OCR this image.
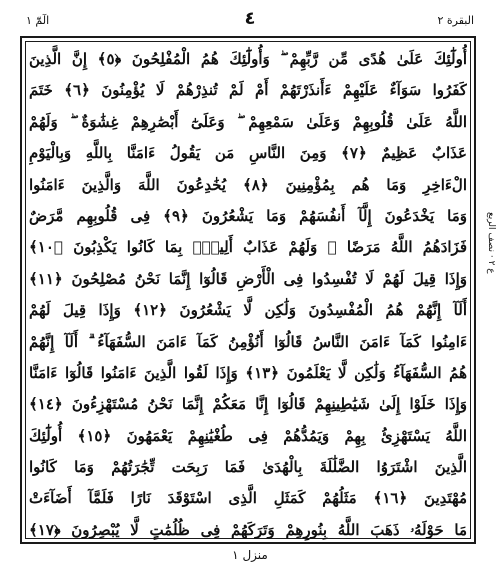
الٓمّٓ ۱	٤	البقرة ۲
أُولَٰٓئِكَ عَلَىٰ هُدًى مِّن رَّبِّهِمْ ۖ وَأُولَٰٓئِكَ هُمُ الْمُفْلِحُونَ ﴿٥﴾ إِنَّ الَّذِينَ
كَفَرُوا سَوَآءٌ عَلَيْهِمْ ءَأَنذَرْتَهُمْ أَمْ لَمْ تُنذِرْهُمْ لَا يُؤْمِنُونَ ﴿٦﴾ خَتَمَ
اللَّهُ عَلَىٰ قُلُوبِهِمْ وَعَلَىٰ سَمْعِهِمْ ۖ وَعَلَىٰٓ أَبْصَٰرِهِمْ غِشَٰوَةٌ ۖ وَلَهُمْ
عَذَابٌ عَظِيمٌ ﴿٧﴾ وَمِنَ النَّاسِ مَن يَقُولُ ءَامَنَّا بِاللَّهِ وَبِالْيَوْمِ
الْءَاخِرِ وَمَا هُم بِمُؤْمِنِينَ ﴿٨﴾ يُخَٰدِعُونَ اللَّهَ وَالَّذِينَ ءَامَنُوا
وَمَا يَخْدَعُونَ إِلَّآ أَنفُسَهُمْ وَمَا يَشْعُرُونَ ﴿٩﴾ فِى قُلُوبِهِم مَّرَضٌ
فَزَادَهُمُ اللَّهُ مَرَضًا ۖ وَلَهُمْ عَذَابٌ أَلِيمٌۢ بِمَا كَانُوا يَكْذِبُونَ ﴿١٠﴾
وَإِذَا قِيلَ لَهُمْ لَا تُفْسِدُوا فِى الْأَرْضِ قَالُوٓا إِنَّمَا نَحْنُ مُصْلِحُونَ ﴿١١﴾
أَلَآ إِنَّهُمْ هُمُ الْمُفْسِدُونَ وَلَٰكِن لَّا يَشْعُرُونَ ﴿١٢﴾ وَإِذَا قِيلَ لَهُمْ
ءَامِنُوا كَمَآ ءَامَنَ النَّاسُ قَالُوٓا أَنُؤْمِنُ كَمَآ ءَامَنَ السُّفَهَآءُ ۗ أَلَآ إِنَّهُمْ
هُمُ السُّفَهَآءُ وَلَٰكِن لَّا يَعْلَمُونَ ﴿١٣﴾ وَإِذَا لَقُوا الَّذِينَ ءَامَنُوا قَالُوٓا ءَامَنَّا
وَإِذَا خَلَوْا إِلَىٰ شَيَٰطِينِهِمْ قَالُوٓا إِنَّا مَعَكُمْ إِنَّمَا نَحْنُ مُسْتَهْزِءُونَ ﴿١٤﴾
اللَّهُ يَسْتَهْزِئُ بِهِمْ وَيَمُدُّهُمْ فِى طُغْيَٰنِهِمْ يَعْمَهُونَ ﴿١٥﴾ أُولَٰٓئِكَ
الَّذِينَ اشْتَرَوُا الضَّلَٰلَةَ بِالْهُدَىٰ فَمَا رَبِحَت تِّجَٰرَتُهُمْ وَمَا كَانُوا
مُهْتَدِينَ ﴿١٦﴾ مَثَلُهُمْ كَمَثَلِ الَّذِى اسْتَوْقَدَ نَارًا فَلَمَّآ أَضَآءَتْ
مَا حَوْلَهُۥ ذَهَبَ اللَّهُ بِنُورِهِمْ وَتَرَكَهُمْ فِى ظُلُمَٰتٍ لَّا يُبْصِرُونَ ﴿١٧﴾
ع ۲ · نصف الربع
منزل ۱
